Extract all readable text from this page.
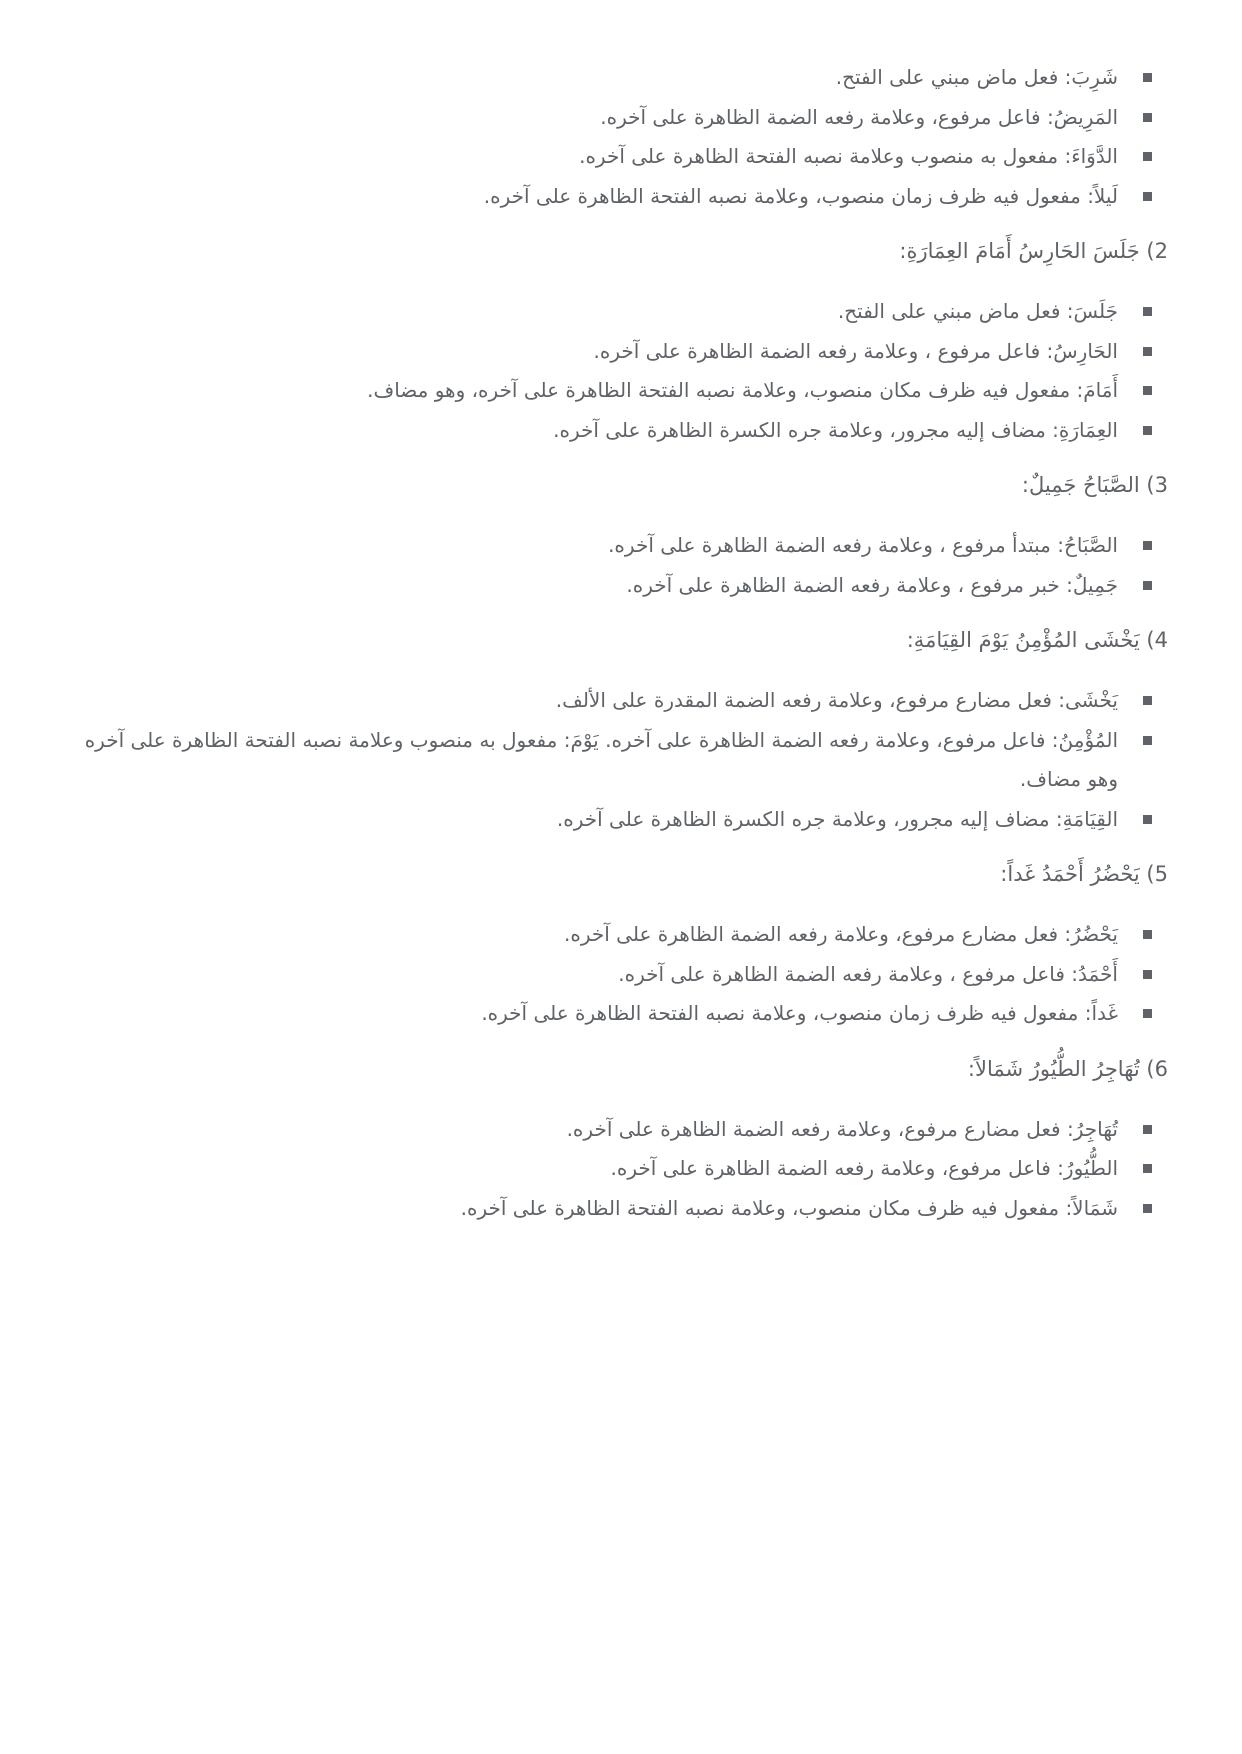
شَرِبَ: فعل ماض مبني على الفتح.
المَرِيضُ: فاعل مرفوع، وعلامة رفعه الضمة الظاهرة على آخره.
الدَّوَاءَ: مفعول به منصوب وعلامة نصبه الفتحة الظاهرة على آخره.
لَيلاً: مفعول فيه ظرف زمان منصوب، وعلامة نصبه الفتحة الظاهرة على آخره.
2) جَلَسَ الحَارِسُ أَمَامَ العِمَارَةِ:
جَلَسَ: فعل ماض مبني على الفتح.
الحَارِسُ: فاعل مرفوع ، وعلامة رفعه الضمة الظاهرة على آخره.
أَمَامَ: مفعول فيه ظرف مكان منصوب، وعلامة نصبه الفتحة الظاهرة على آخره، وهو مضاف.
العِمَارَةِ: مضاف إليه مجرور، وعلامة جره الكسرة الظاهرة على آخره.
3) الصَّبَاحُ جَمِيلٌ:
الصَّبَاحُ: مبتدأ مرفوع ، وعلامة رفعه الضمة الظاهرة على آخره.
جَمِيلٌ: خبر مرفوع ، وعلامة رفعه الضمة الظاهرة على آخره.
4) يَخْشَى المُؤْمِنُ يَوْمَ القِيَامَةِ:
يَخْشَى: فعل مضارع مرفوع، وعلامة رفعه الضمة المقدرة على الألف.
المُؤْمِنُ: فاعل مرفوع، وعلامة رفعه الضمة الظاهرة على آخره. يَوْمَ: مفعول به منصوب وعلامة نصبه الفتحة الظاهرة على آخره وهو مضاف.
القِيَامَةِ: مضاف إليه مجرور، وعلامة جره الكسرة الظاهرة على آخره.
5) يَحْضُرُ أَحْمَدُ غَداً:
يَحْضُرُ: فعل مضارع مرفوع، وعلامة رفعه الضمة الظاهرة على آخره.
أَحْمَدُ: فاعل مرفوع ، وعلامة رفعه الضمة الظاهرة على آخره.
غَداً: مفعول فيه ظرف زمان منصوب، وعلامة نصبه الفتحة الظاهرة على آخره.
6) تُهَاجِرُ الطُّيُورُ شَمَالاً:
تُهَاجِرُ: فعل مضارع مرفوع، وعلامة رفعه الضمة الظاهرة على آخره.
الطُّيُورُ: فاعل مرفوع، وعلامة رفعه الضمة الظاهرة على آخره.
شَمَالاً: مفعول فيه ظرف مكان منصوب، وعلامة نصبه الفتحة الظاهرة على آخره.
